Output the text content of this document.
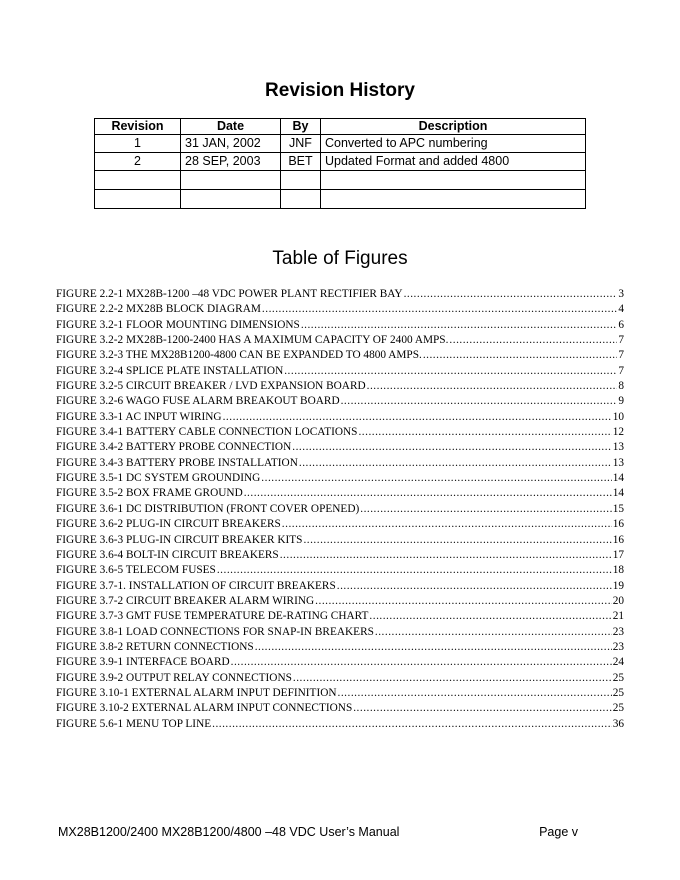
Revision History
Revision	Date	By	Description
1	31 JAN, 2002	JNF	Converted to APC numbering
2	28 SEP, 2003	BET	Updated Format and added 4800

Table of Figures
FIGURE 2.2-1 MX28B-1200 –48 VDC POWER PLANT RECTIFIER BAY .....	3
FIGURE 2.2-2 MX28B BLOCK DIAGRAM .....	4
FIGURE 3.2-1 FLOOR MOUNTING DIMENSIONS .....	6
FIGURE 3.2-2 MX28B-1200-2400 HAS A MAXIMUM CAPACITY OF 2400 AMPS. .....	7
FIGURE 3.2-3 THE MX28B1200-4800 CAN BE EXPANDED TO 4800 AMPS. .....	7
FIGURE 3.2-4 SPLICE PLATE INSTALLATION .....	7
FIGURE 3.2-5 CIRCUIT BREAKER / LVD EXPANSION BOARD .....	8
FIGURE 3.2-6 WAGO FUSE ALARM BREAKOUT BOARD .....	9
FIGURE 3.3-1 AC INPUT WIRING .....	10
FIGURE 3.4-1 BATTERY CABLE CONNECTION LOCATIONS .....	12
FIGURE 3.4-2 BATTERY PROBE CONNECTION .....	13
FIGURE 3.4-3 BATTERY PROBE INSTALLATION .....	13
FIGURE 3.5-1 DC SYSTEM GROUNDING .....	14
FIGURE 3.5-2 BOX FRAME GROUND .....	14
FIGURE 3.6-1 DC DISTRIBUTION (FRONT COVER OPENED) .....	15
FIGURE 3.6-2 PLUG-IN CIRCUIT BREAKERS .....	16
FIGURE 3.6-3 PLUG-IN CIRCUIT BREAKER KITS .....	16
FIGURE 3.6-4 BOLT-IN CIRCUIT BREAKERS .....	17
FIGURE 3.6-5 TELECOM FUSES .....	18
FIGURE 3.7-1. INSTALLATION OF CIRCUIT BREAKERS .....	19
FIGURE 3.7-2 CIRCUIT BREAKER ALARM WIRING .....	20
FIGURE 3.7-3 GMT FUSE TEMPERATURE DE-RATING CHART .....	21
FIGURE 3.8-1 LOAD CONNECTIONS FOR SNAP-IN BREAKERS .....	23
FIGURE 3.8-2 RETURN CONNECTIONS .....	23
FIGURE 3.9-1 INTERFACE BOARD .....	24
FIGURE 3.9-2 OUTPUT RELAY CONNECTIONS .....	25
FIGURE 3.10-1 EXTERNAL ALARM INPUT DEFINITION .....	25
FIGURE 3.10-2 EXTERNAL ALARM INPUT CONNECTIONS .....	25
FIGURE 5.6-1 MENU TOP LINE .....	36
MX28B1200/2400 MX28B1200/4800 –48 VDC User’s Manual	Page v
